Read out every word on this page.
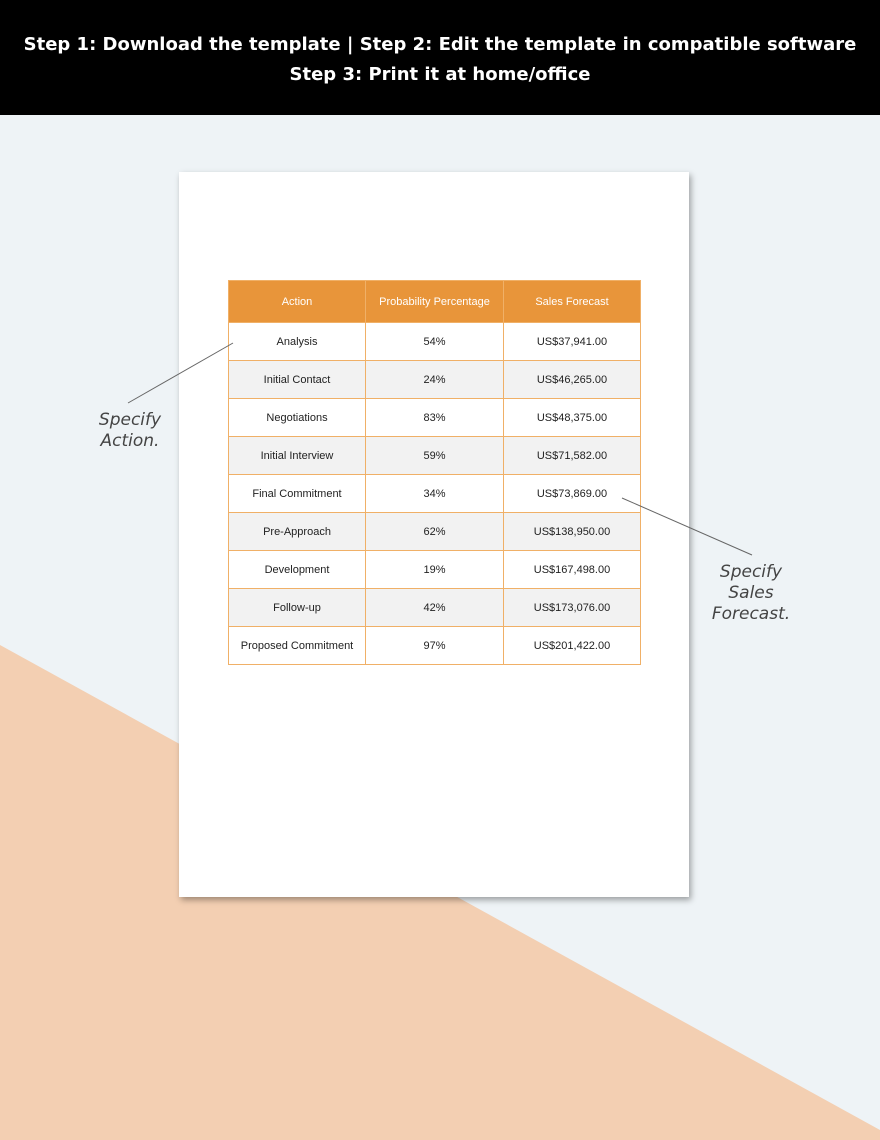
Step 1: Download the template | Step 2: Edit the template in compatible software
Step 3: Print it at home/office
Action	Probability Percentage	Sales Forecast
Analysis	54%	US$37,941.00
Initial Contact	24%	US$46,265.00
Negotiations	83%	US$48,375.00
Initial Interview	59%	US$71,582.00
Final Commitment	34%	US$73,869.00
Pre-Approach	62%	US$138,950.00
Development	19%	US$167,498.00
Follow-up	42%	US$173,076.00
Proposed Commitment	97%	US$201,422.00
Specify
Action.
Specify
Sales
Forecast.
